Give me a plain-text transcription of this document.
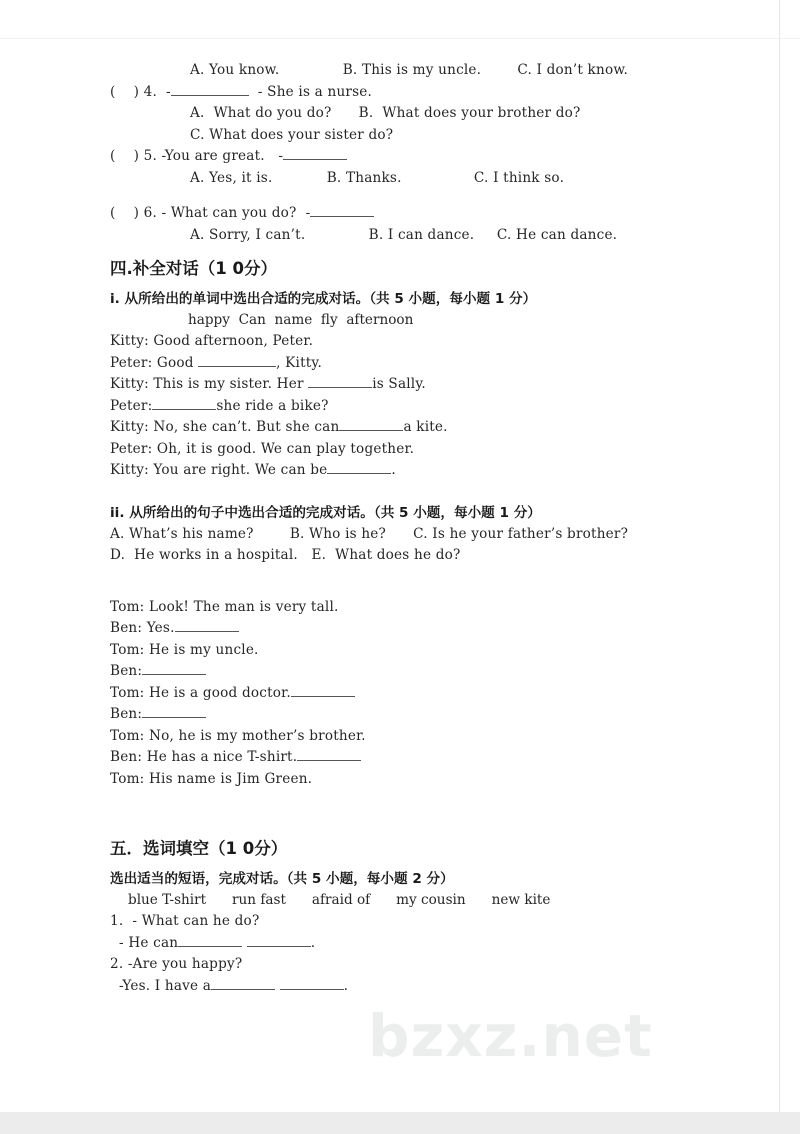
A. You know.              B. This is my uncle.        C. I don’t know.
(    ) 4.  -	- She is a nurse.
A.  What do you do?      B.  What does your brother do?
C. What does your sister do?
(    ) 5. -You are great.   -
A. Yes, it is.            B. Thanks.                C. I think so.
(    ) 6. - What can you do?  -
A. Sorry, I can’t.              B. I can dance.     C. He can dance.
四.补全对话（1 0分）
i. 从所给出的单词中选出合适的完成对话。（共 5 小题，每小题 1 分）
happy  Can  name  fly  afternoon
Kitty: Good afternoon, Peter.
Peter: Good	, Kitty.
Kitty: This is my sister. Her	is Sally.
Peter:	she ride a bike?
Kitty: No, she can’t. But she can	a kite.
Peter: Oh, it is good. We can play together.
Kitty: You are right. We can be	.
ii. 从所给出的句子中选出合适的完成对话。（共 5 小题，每小题 1 分）
A. What’s his name?        B. Who is he?      C. Is he your father’s brother?
D.  He works in a hospital.   E.  What does he do?
Tom: Look! The man is very tall.
Ben: Yes.
Tom: He is my uncle.
Ben:
Tom: He is a good doctor.
Ben:
Tom: No, he is my mother’s brother.
Ben: He has a nice T-shirt.
Tom: His name is Jim Green.
五．选词填空（1 0分）
选出适当的短语，完成对话。（共 5 小题，每小题 2 分）
blue T-shirt      run fast      afraid of      my cousin      new kite
1.  - What can he do?
- He can	.
2. -Are you happy?
-Yes. I have a	.
bzxz.net
